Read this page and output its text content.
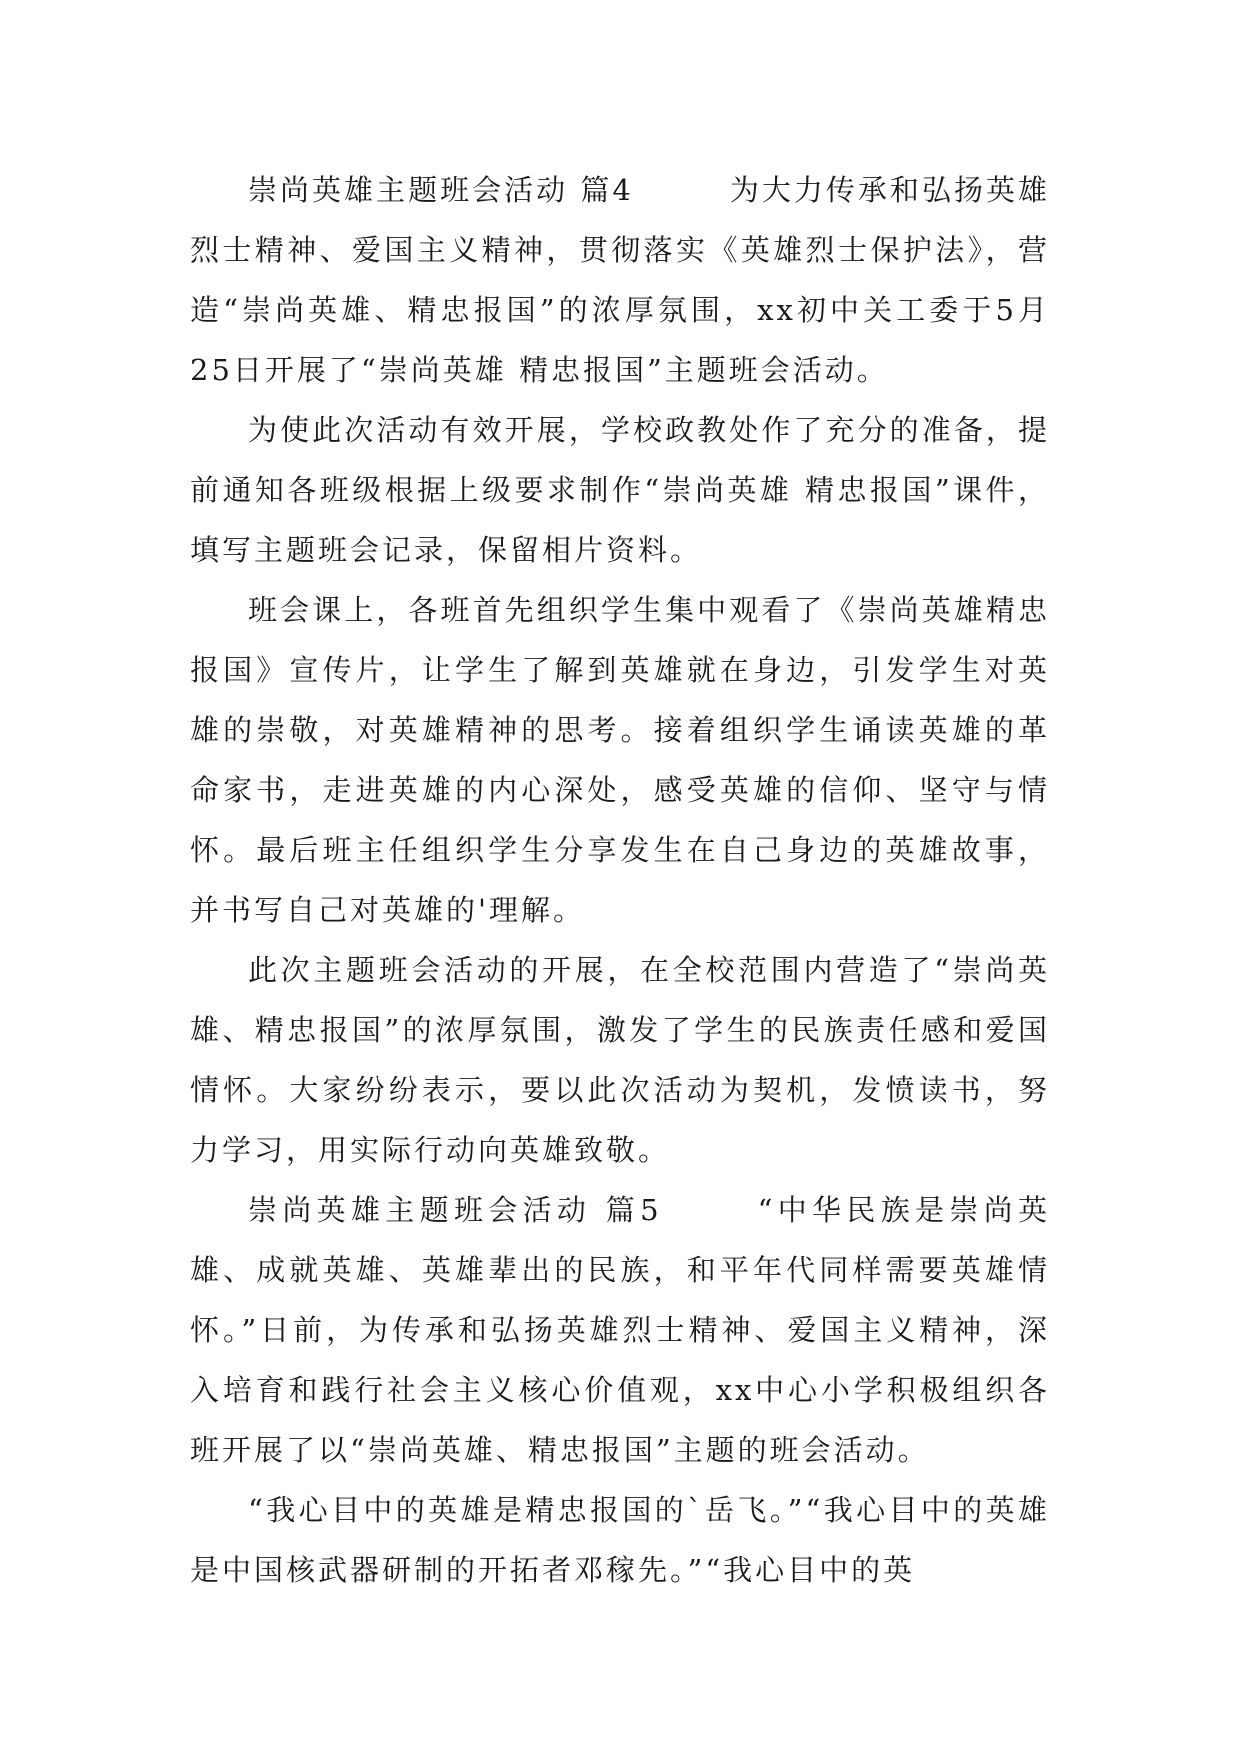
崇尚英雄主题班会活动 篇4	为大力传承和弘扬英雄烈士精神、爱国主义精神，贯彻落实《英雄烈士保护法》，营造“崇尚英雄、精忠报国”的浓厚氛围，xx初中关工委于5月25日开展了“崇尚英雄 精忠报国”主题班会活动。

为使此次活动有效开展，学校政教处作了充分的准备，提前通知各班级根据上级要求制作“崇尚英雄 精忠报国”课件，填写主题班会记录，保留相片资料。

班会课上，各班首先组织学生集中观看了《崇尚英雄精忠报国》宣传片，让学生了解到英雄就在身边，引发学生对英雄的崇敬，对英雄精神的思考。接着组织学生诵读英雄的革命家书，走进英雄的内心深处，感受英雄的信仰、坚守与情怀。最后班主任组织学生分享发生在自己身边的英雄故事，并书写自己对英雄的'理解。

此次主题班会活动的开展，在全校范围内营造了“崇尚英雄、精忠报国”的浓厚氛围，激发了学生的民族责任感和爱国情怀。大家纷纷表示，要以此次活动为契机，发愤读书，努力学习，用实际行动向英雄致敬。

崇尚英雄主题班会活动 篇5	“中华民族是崇尚英雄、成就英雄、英雄辈出的民族，和平年代同样需要英雄情怀。”日前，为传承和弘扬英雄烈士精神、爱国主义精神，深入培育和践行社会主义核心价值观，xx中心小学积极组织各班开展了以“崇尚英雄、精忠报国”主题的班会活动。

“我心目中的英雄是精忠报国的`岳飞。”“我心目中的英雄是中国核武器研制的开拓者邓稼先。”“我心目中的英
